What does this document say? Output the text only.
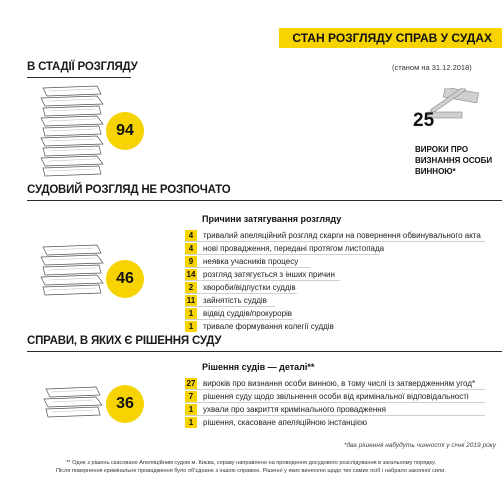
СТАН РОЗГЛЯДУ СПРАВ У СУДАХ
В СТАДІЇ РОЗГЛЯДУ	(станом на 31.12.2018)
94	25
ВИРОКИ ПРО ВИЗНАННЯ ОСОБИ ВИННОЮ*
СУДОВИЙ РОЗГЛЯД НЕ РОЗПОЧАТО
46
Причини затягування розгляду
4	тривалий апеляційний розгляд скарги на повернення обвинувального акта
4	нові провадження, передані протягом листопада
9	неявка учасників процесу
14 розгляд затягується з інших причин
2	хвороби/відпустки суддів
11 зайнятість суддів
1	відвід суддів/прокурорів
1	тривале формування колегії суддів
СПРАВИ, В ЯКИХ Є РІШЕННЯ СУДУ
36
Рішення судів — деталі**
27 вироків про визнання особи винною, в тому числі із затвердженням угод*
7	рішення суду щодо звільнення особи від кримінальної відповідальності
1	ухвали про закриття кримінального провадження
1	рішення, скасоване апеляційною інстанцією
*два рішення набудуть чинності у січні 2019 року
** Одне з рішень скасовано Апеляційним судом м. Києва, справу направлено на проведення досудового розслідування в загальному порядку.
Після повернення кримінальне провадження було об'єднане з іншою справою. Рішенні у яких винесено щодо тих самих осіб і набрало законної сили.
